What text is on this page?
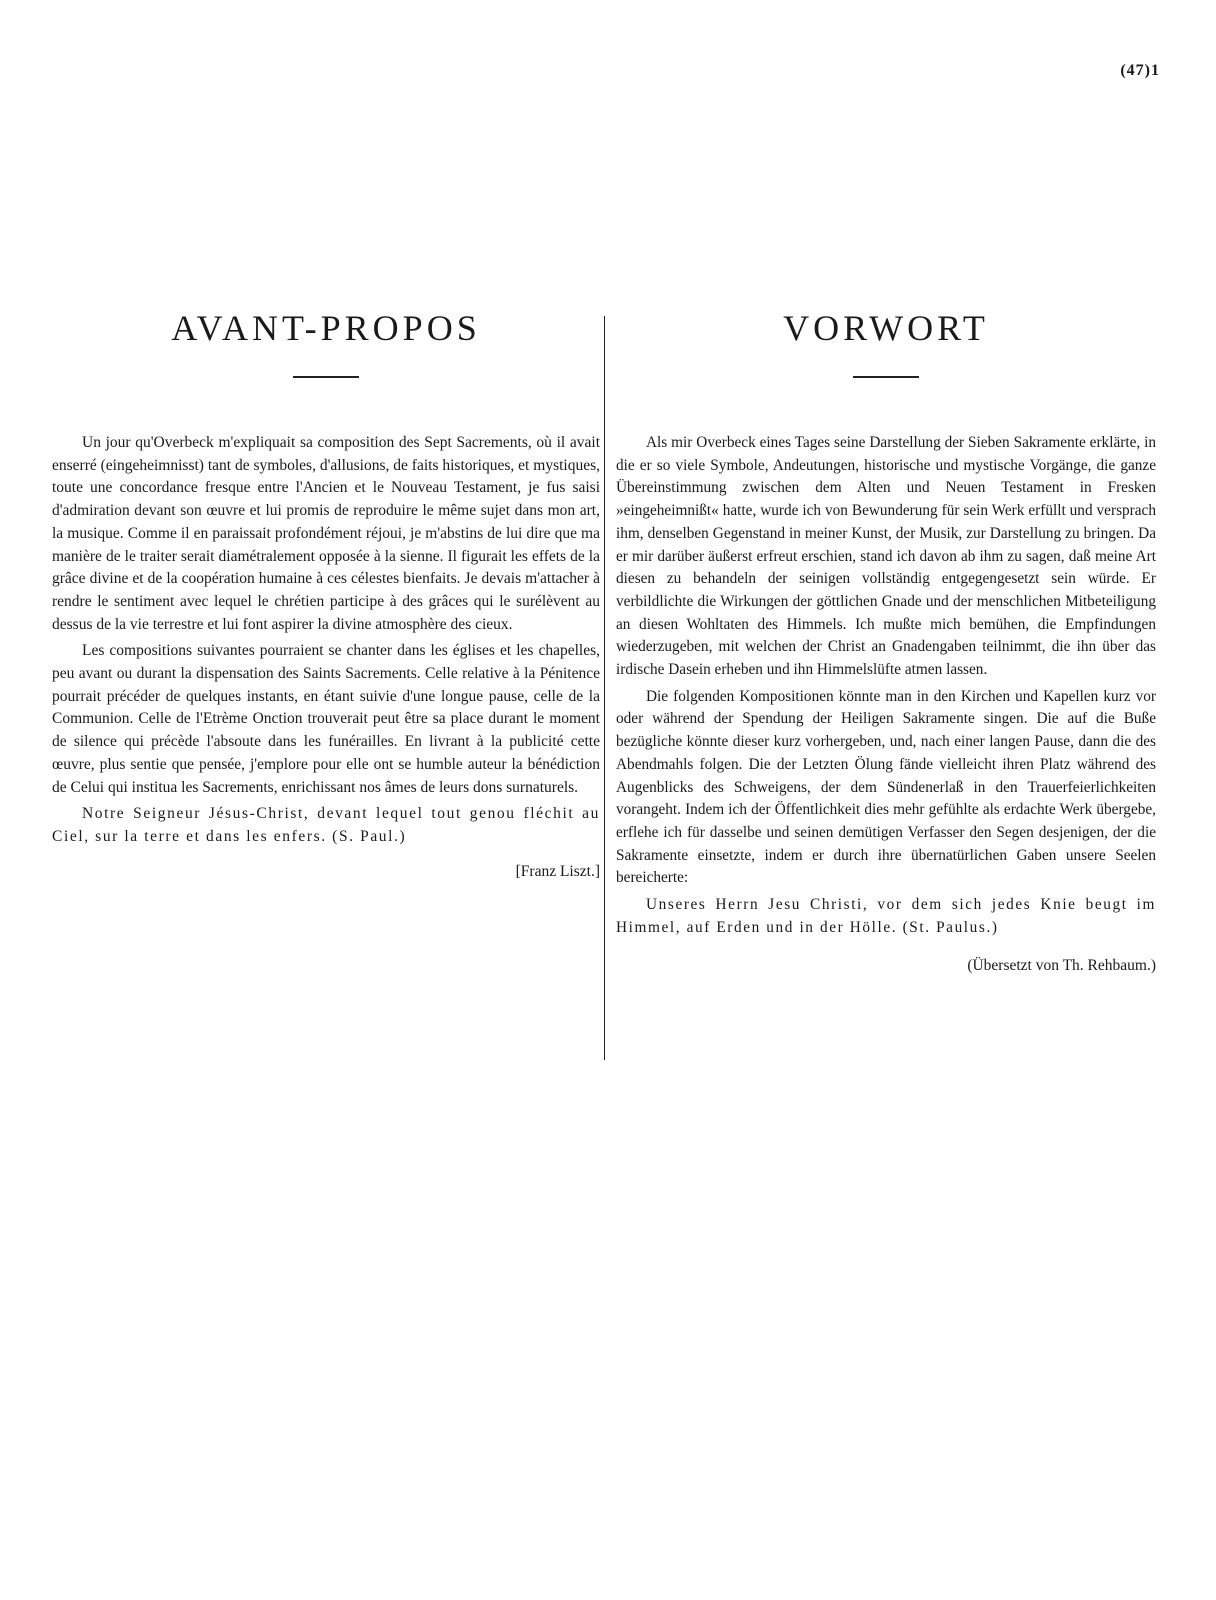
(47)1
AVANT-PROPOS

Un jour qu'Overbeck m'expliquait sa composition des Sept Sacrements, où il avait enserré (eingeheimnisst) tant de symboles, d'allusions, de faits historiques, et mystiques, toute une concordance fresque entre l'Ancien et le Nouveau Testament, je fus saisi d'admiration devant son œuvre et lui promis de reproduire le même sujet dans mon art, la musique. Comme il en paraissait profondément réjoui, je m'abstins de lui dire que ma manière de le traiter serait diamétralement opposée à la sienne. Il figurait les effets de la grâce divine et de la coopération humaine à ces célestes bienfaits. Je devais m'attacher à rendre le sentiment avec lequel le chrétien participe à des grâces qui le surélèvent au dessus de la vie terrestre et lui font aspirer la divine atmosphère des cieux.

Les compositions suivantes pourraient se chanter dans les églises et les chapelles, peu avant ou durant la dispensation des Saints Sacrements. Celle relative à la Pénitence pourrait précéder de quelques instants, en étant suivie d'une longue pause, celle de la Communion. Celle de l'Etrème Onction trouverait peut être sa place durant le moment de silence qui précède l'absoute dans les funérailles. En livrant à la publicité cette œuvre, plus sentie que pensée, j'emplore pour elle ont se humble auteur la bénédiction de Celui qui institua les Sacrements, enrichissant nos âmes de leurs dons surnaturels.

Notre Seigneur Jésus-Christ, devant lequel tout genou fléchit au Ciel, sur la terre et dans les enfers. (S. Paul.)

[Franz Liszt.]

VORWORT

Als mir Overbeck eines Tages seine Darstellung der Sieben Sakramente erklärte, in die er so viele Symbole, Andeutungen, historische und mystische Vorgänge, die ganze Übereinstimmung zwischen dem Alten und Neuen Testament in Fresken »eingeheimnißt« hatte, wurde ich von Bewunderung für sein Werk erfüllt und versprach ihm, denselben Gegenstand in meiner Kunst, der Musik, zur Darstellung zu bringen. Da er mir darüber äußerst erfreut erschien, stand ich davon ab ihm zu sagen, daß meine Art diesen zu behandeln der seinigen vollständig entgegengesetzt sein würde. Er verbildlichte die Wirkungen der göttlichen Gnade und der menschlichen Mitbeteiligung an diesen Wohltaten des Himmels. Ich mußte mich bemühen, die Empfindungen wiederzugeben, mit welchen der Christ an Gnadengaben teilnimmt, die ihn über das irdische Dasein erheben und ihn Himmelslüfte atmen lassen.

Die folgenden Kompositionen könnte man in den Kirchen und Kapellen kurz vor oder während der Spendung der Heiligen Sakramente singen. Die auf die Buße bezügliche könnte dieser kurz vorhergeben, und, nach einer langen Pause, dann die des Abendmahls folgen. Die der Letzten Ölung fände vielleicht ihren Platz während des Augenblicks des Schweigens, der dem Sündenerlaß in den Trauerfeierlichkeiten vorangeht. Indem ich der Öffentlichkeit dies mehr gefühlte als erdachte Werk übergebe, erflehe ich für dasselbe und seinen demütigen Verfasser den Segen desjenigen, der die Sakramente einsetzte, indem er durch ihre übernatürlichen Gaben unsere Seelen bereicherte:

Unseres Herrn Jesu Christi, vor dem sich jedes Knie beugt im Himmel, auf Erden und in der Hölle. (St. Paulus.)

(Übersetzt von Th. Rehbaum.)
